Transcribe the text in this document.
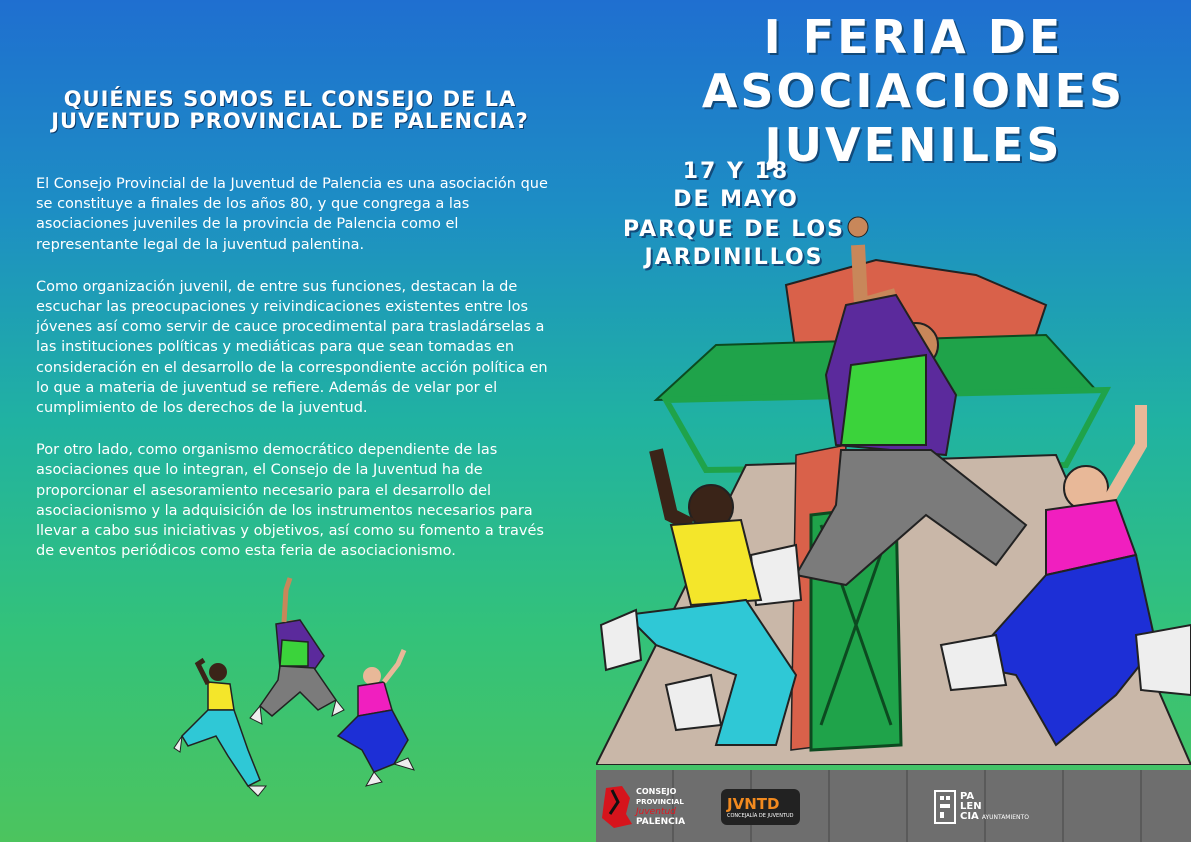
QUIÉNES SOMOS EL CONSEJO DE LA JUVENTUD PROVINCIAL DE PALENCIA?

El Consejo Provincial de la Juventud de Palencia es una asociación que se constituye a finales de los años 80, y que congrega a las asociaciones juveniles de la provincia de Palencia como el representante legal de la juventud palentina.

Como organización juvenil, de entre sus funciones, destacan la de escuchar las preocupaciones y reivindicaciones existentes entre los jóvenes así como servir de cauce procedimental para trasladárselas a las instituciones políticas y mediáticas para que sean tomadas en consideración en el desarrollo de la correspondiente acción política en lo que a materia de juventud se refiere. Además de velar por el cumplimiento de los derechos de la juventud.

Por otro lado, como organismo democrático dependiente de las asociaciones que lo integran, el Consejo de la Juventud ha de proporcionar el asesoramiento necesario para el desarrollo del asociacionismo y la adquisición de los instrumentos necesarios para llevar a cabo sus iniciativas y objetivos, así como su fomento a través de eventos periódicos como esta feria de asociacionismo.

I FERIA DE
ASOCIACIONES
JUVENILES
17 Y 18
DE MAYO
PARQUE DE LOS
JARDINILLOS
CONSEJO
PROVINCIAL
Juventud
PALENCIA
JVNTD
CONCEJALÍA DE JUVENTUD
PA
LEN
CIA AYUNTAMIENTO
